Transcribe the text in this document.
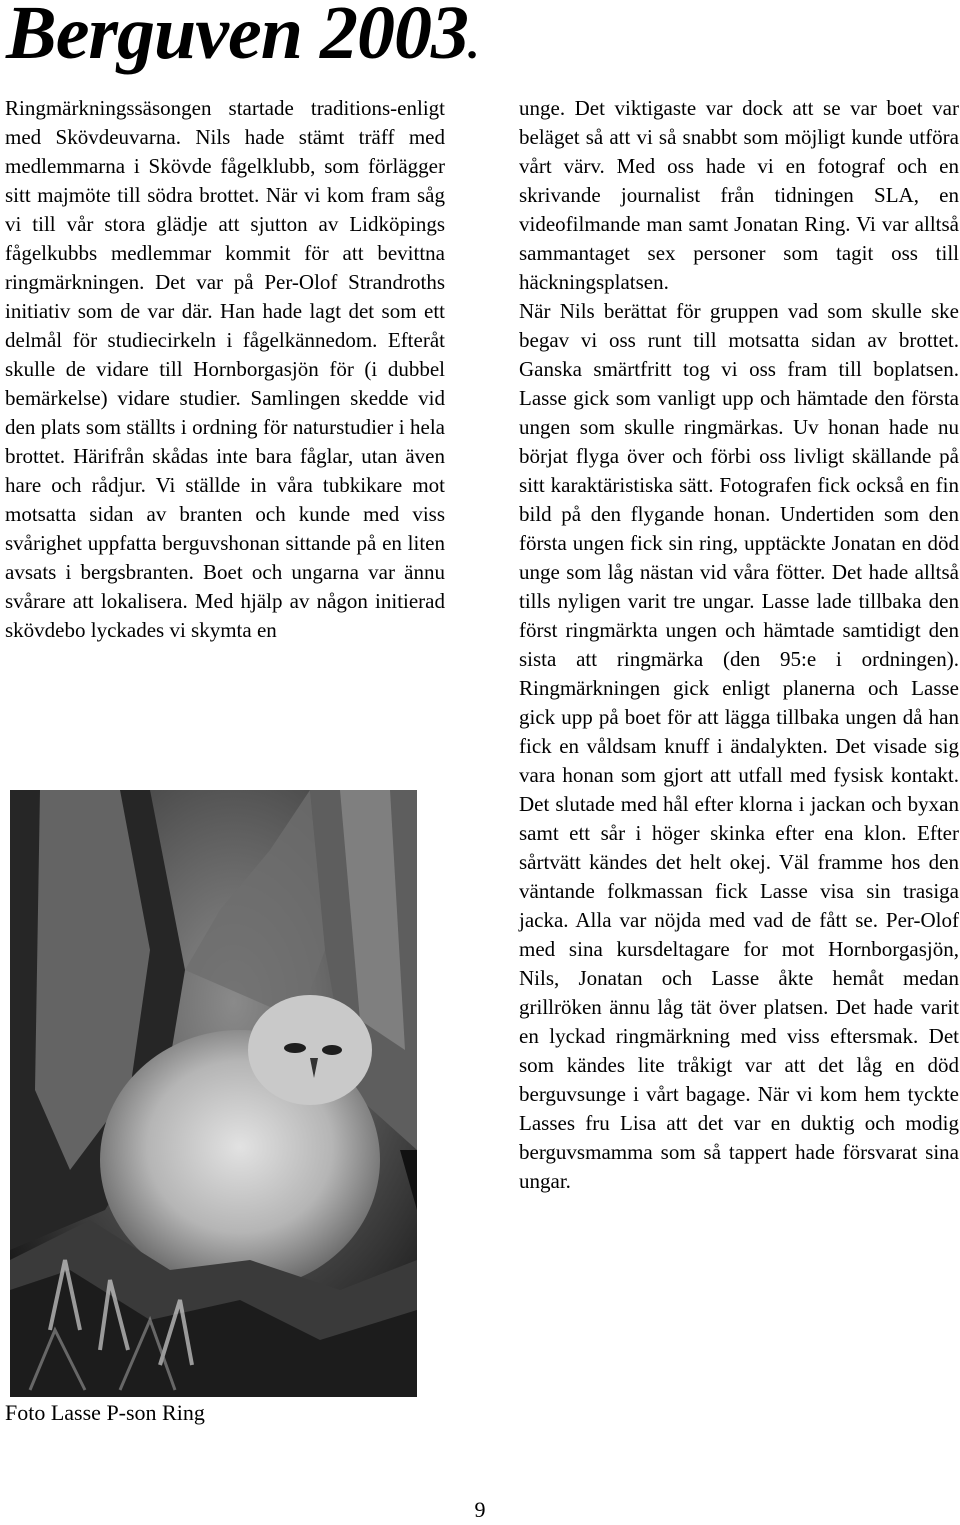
Berguven 2003.

Ringmärkningssäsongen startade traditions-enligt med Skövdeuvarna. Nils hade stämt träff med medlemmarna i Skövde fågelklubb, som förlägger sitt majmöte till södra brottet. När vi kom fram såg vi till vår stora glädje att sjutton av Lidköpings fågelkubbs medlemmar kommit för att bevittna ringmärkningen. Det var på Per-Olof Strandroths initiativ som de var där. Han hade lagt det som ett delmål för studiecirkeln i fågelkännedom. Efteråt skulle de vidare till Hornborgasjön för (i dubbel bemärkelse) vidare studier. Samlingen skedde vid den plats som ställts i ordning för naturstudier i hela brottet. Härifrån skådas inte bara fåglar, utan även hare och rådjur. Vi ställde in våra tubkikare mot motsatta sidan av branten och kunde med viss svårighet uppfatta berguvshonan sittande på en liten avsats i bergsbranten. Boet och ungarna var ännu svårare att lokalisera. Med hjälp av någon initierad skövdebo lyckades vi skymta en

unge. Det viktigaste var dock att se var boet var beläget så att vi så snabbt som möjligt kunde utföra vårt värv. Med oss hade vi en fotograf och en skrivande journalist från tidningen SLA, en videofilmande man samt Jonatan Ring. Vi var alltså sammantaget sex personer som tagit oss till häckningsplatsen.

När Nils berättat för gruppen vad som skulle ske begav vi oss runt till motsatta sidan av brottet. Ganska smärtfritt tog vi oss fram till boplatsen. Lasse gick som vanligt upp och hämtade den första ungen som skulle ringmärkas. Uv honan hade nu börjat flyga över och förbi oss livligt skällande på sitt karaktäristiska sätt. Fotografen fick också en fin bild på den flygande honan. Undertiden som den första ungen fick sin ring, upptäckte Jonatan en död unge som låg nästan vid våra fötter. Det hade alltså tills nyligen varit tre ungar. Lasse lade tillbaka den först ringmärkta ungen och hämtade samtidigt den sista att ringmärka (den 95:e i ordningen). Ringmärkningen gick enligt planerna och Lasse gick upp på boet för att lägga tillbaka ungen då han fick en våldsam knuff i ändalykten. Det visade sig vara honan som gjort att utfall med fysisk kontakt. Det slutade med hål efter klorna i jackan och byxan samt ett sår i höger skinka efter ena klon. Efter sårtvätt kändes det helt okej. Väl framme hos den väntande folkmassan fick Lasse visa sin trasiga jacka. Alla var nöjda med vad de fått se. Per-Olof med sina kursdeltagare for mot Hornborgasjön, Nils, Jonatan och Lasse åkte hemåt medan grillröken ännu låg tät över platsen. Det hade varit en lyckad ringmärkning med viss eftersmak. Det som kändes lite tråkigt var att det låg en död berguvsunge i vårt bagage. När vi kom hem tyckte Lasses fru Lisa att det var en duktig och modig berguvsmamma som så tappert hade försvarat sina ungar.

Foto Lasse P-son Ring
9
